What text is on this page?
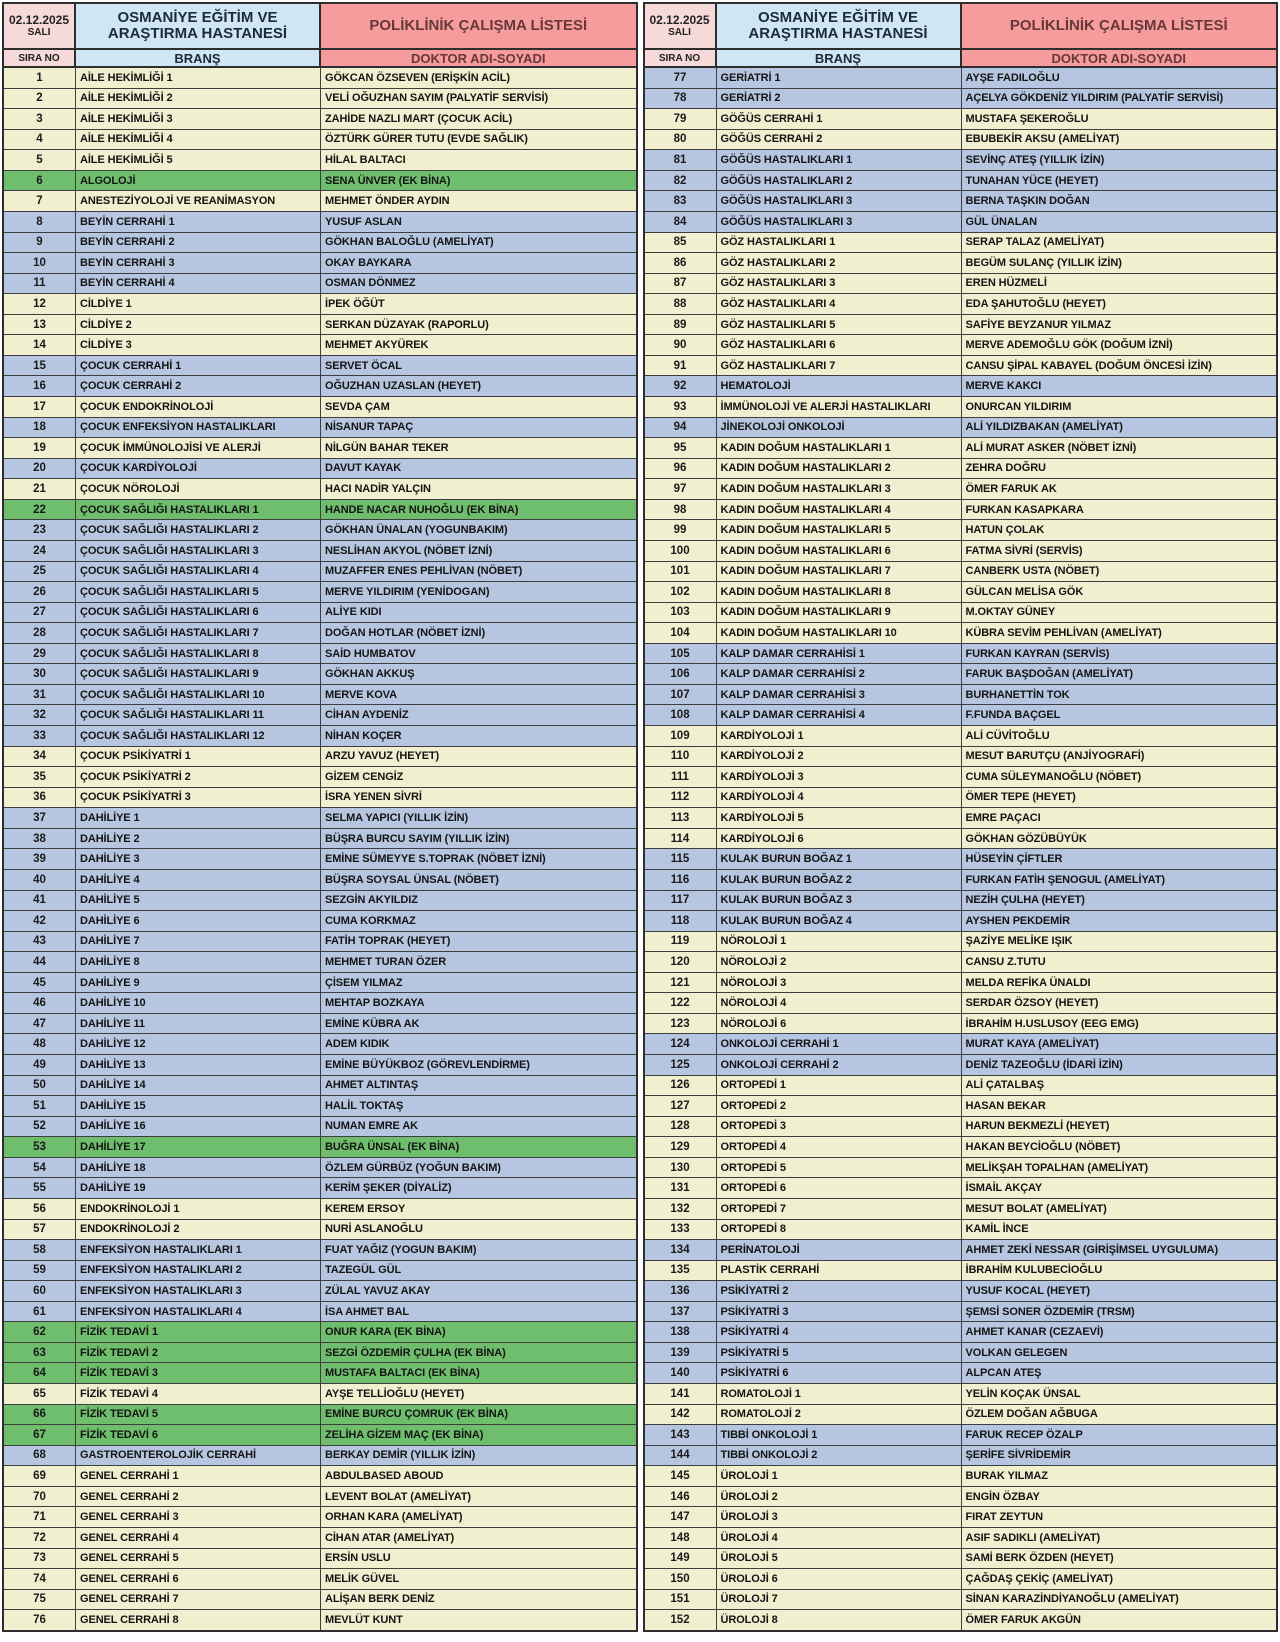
02.12.2025
SALI
OSMANİYE EĞİTİM VE ARAŞTIRMA HASTANESİ	POLİKLİNİK ÇALIŞMA LİSTESİ
SIRA NO	BRANŞ	DOKTOR ADI-SOYADI
1	AİLE HEKİMLİĞİ 1	GÖKCAN ÖZSEVEN (ERİŞKİN ACİL)
2	AİLE HEKİMLİĞİ 2	VELİ OĞUZHAN SAYIM (PALYATİF SERVİSİ)
3	AİLE HEKİMLİĞİ 3	ZAHİDE NAZLI MART (ÇOCUK ACİL)
4	AİLE HEKİMLİĞİ 4	ÖZTÜRK GÜRER TUTU (EVDE SAĞLIK)
5	AİLE HEKİMLİĞİ 5	HİLAL BALTACI
6	ALGOLOJİ	SENA ÜNVER (EK BİNA)
7	ANESTEZİYOLOJİ VE REANİMASYON	MEHMET ÖNDER AYDIN
8	BEYİN CERRAHİ 1	YUSUF ASLAN
9	BEYİN CERRAHİ 2	GÖKHAN BALOĞLU (AMELİYAT)
10	BEYİN CERRAHİ 3	OKAY BAYKARA
11	BEYİN CERRAHİ 4	OSMAN DÖNMEZ
12	CİLDİYE 1	İPEK ÖĞÜT
13	CİLDİYE 2	SERKAN DÜZAYAK (RAPORLU)
14	CİLDİYE 3	MEHMET AKYÜREK
15	ÇOCUK CERRAHİ 1	SERVET ÖCAL
16	ÇOCUK CERRAHİ 2	OĞUZHAN UZASLAN (HEYET)
17	ÇOCUK ENDOKRİNOLOJİ	SEVDA ÇAM
18	ÇOCUK ENFEKSİYON HASTALIKLARI	NİSANUR TAPAÇ
19	ÇOCUK İMMÜNOLOJİSİ VE ALERJİ	NİLGÜN BAHAR TEKER
20	ÇOCUK KARDİYOLOJİ	DAVUT KAYAK
21	ÇOCUK NÖROLOJİ	HACI NADİR YALÇIN
22	ÇOCUK SAĞLIĞI HASTALIKLARI 1	HANDE NACAR NUHOĞLU (EK BİNA)
23	ÇOCUK SAĞLIĞI HASTALIKLARI 2	GÖKHAN ÜNALAN (YOGUNBAKIM)
24	ÇOCUK SAĞLIĞI HASTALIKLARI 3	NESLİHAN AKYOL (NÖBET İZNİ)
25	ÇOCUK SAĞLIĞI HASTALIKLARI 4	MUZAFFER ENES PEHLİVAN (NÖBET)
26	ÇOCUK SAĞLIĞI HASTALIKLARI 5	MERVE YILDIRIM (YENİDOGAN)
27	ÇOCUK SAĞLIĞI HASTALIKLARI 6	ALİYE KIDI
28	ÇOCUK SAĞLIĞI HASTALIKLARI 7	DOĞAN HOTLAR (NÖBET İZNİ)
29	ÇOCUK SAĞLIĞI HASTALIKLARI 8	SAİD HUMBATOV
30	ÇOCUK SAĞLIĞI HASTALIKLARI 9	GÖKHAN AKKUŞ
31	ÇOCUK SAĞLIĞI HASTALIKLARI 10	MERVE KOVA
32	ÇOCUK SAĞLIĞI HASTALIKLARI 11	CİHAN AYDENİZ
33	ÇOCUK SAĞLIĞI HASTALIKLARI 12	NİHAN KOÇER
34	ÇOCUK PSİKİYATRİ 1	ARZU YAVUZ (HEYET)
35	ÇOCUK PSİKİYATRİ 2	GİZEM CENGİZ
36	ÇOCUK PSİKİYATRİ 3	İSRA YENEN SİVRİ
37	DAHİLİYE 1	SELMA YAPICI (YILLIK İZİN)
38	DAHİLİYE 2	BÜŞRA BURCU SAYIM (YILLIK İZİN)
39	DAHİLİYE 3	EMİNE SÜMEYYE S.TOPRAK (NÖBET İZNİ)
40	DAHİLİYE 4	BÜŞRA SOYSAL ÜNSAL (NÖBET)
41	DAHİLİYE 5	SEZGİN AKYILDIZ
42	DAHİLİYE 6	CUMA KORKMAZ
43	DAHİLİYE 7	FATİH TOPRAK (HEYET)
44	DAHİLİYE 8	MEHMET TURAN ÖZER
45	DAHİLİYE 9	ÇİSEM YILMAZ
46	DAHİLİYE 10	MEHTAP BOZKAYA
47	DAHİLİYE 11	EMİNE KÜBRA AK
48	DAHİLİYE 12	ADEM KIDIK
49	DAHİLİYE 13	EMİNE BÜYÜKBOZ (GÖREVLENDİRME)
50	DAHİLİYE 14	AHMET ALTINTAŞ
51	DAHİLİYE 15	HALİL TOKTAŞ
52	DAHİLİYE 16	NUMAN EMRE AK
53	DAHİLİYE 17	BUĞRA ÜNSAL (EK BİNA)
54	DAHİLİYE 18	ÖZLEM GÜRBÜZ (YOĞUN BAKIM)
55	DAHİLİYE 19	KERİM ŞEKER (DİYALİZ)
56	ENDOKRİNOLOJİ 1	KEREM ERSOY
57	ENDOKRİNOLOJİ 2	NURİ ASLANOĞLU
58	ENFEKSİYON HASTALIKLARI 1	FUAT YAĞIZ (YOGUN BAKIM)
59	ENFEKSİYON HASTALIKLARI 2	TAZEGÜL GÜL
60	ENFEKSİYON HASTALIKLARI 3	ZÜLAL YAVUZ AKAY
61	ENFEKSİYON HASTALIKLARI 4	İSA AHMET BAL
62	FİZİK TEDAVİ 1	ONUR KARA (EK BİNA)
63	FİZİK TEDAVİ 2	SEZGİ ÖZDEMİR ÇULHA (EK BİNA)
64	FİZİK TEDAVİ 3	MUSTAFA BALTACI (EK BİNA)
65	FİZİK TEDAVİ 4	AYŞE TELLİOĞLU (HEYET)
66	FİZİK TEDAVİ 5	EMİNE BURCU ÇOMRUK (EK BİNA)
67	FİZİK TEDAVİ 6	ZELİHA GİZEM MAÇ (EK BİNA)
68	GASTROENTEROLOJİK CERRAHİ	BERKAY DEMİR (YILLIK İZİN)
69	GENEL CERRAHİ 1	ABDULBASED ABOUD
70	GENEL CERRAHİ 2	LEVENT BOLAT (AMELİYAT)
71	GENEL CERRAHİ 3	ORHAN KARA (AMELİYAT)
72	GENEL CERRAHİ 4	CİHAN ATAR (AMELİYAT)
73	GENEL CERRAHİ 5	ERSİN USLU
74	GENEL CERRAHİ 6	MELİK GÜVEL
75	GENEL CERRAHİ 7	ALİŞAN BERK DENİZ
76	GENEL CERRAHİ 8	MEVLÜT KUNT
02.12.2025
SALI
OSMANİYE EĞİTİM VE ARAŞTIRMA HASTANESİ	POLİKLİNİK ÇALIŞMA LİSTESİ
SIRA NO	BRANŞ	DOKTOR ADI-SOYADI
77	GERİATRİ 1	AYŞE FADILOĞLU
78	GERİATRİ 2	AÇELYA GÖKDENİZ YILDIRIM (PALYATİF SERVİSİ)
79	GÖĞÜS CERRAHİ 1	MUSTAFA ŞEKEROĞLU
80	GÖĞÜS CERRAHİ 2	EBUBEKİR AKSU (AMELİYAT)
81	GÖĞÜS HASTALIKLARI 1	SEVİNÇ ATEŞ (YILLIK İZİN)
82	GÖĞÜS HASTALIKLARI 2	TUNAHAN YÜCE (HEYET)
83	GÖĞÜS HASTALIKLARI 3	BERNA TAŞKIN DOĞAN
84	GÖĞÜS HASTALIKLARI 3	GÜL ÜNALAN
85	GÖZ HASTALIKLARI 1	SERAP TALAZ (AMELİYAT)
86	GÖZ HASTALIKLARI 2	BEGÜM SULANÇ (YILLIK İZİN)
87	GÖZ HASTALIKLARI 3	EREN HÜZMELİ
88	GÖZ HASTALIKLARI 4	EDA ŞAHUTOĞLU (HEYET)
89	GÖZ HASTALIKLARI 5	SAFİYE BEYZANUR YILMAZ
90	GÖZ HASTALIKLARI 6	MERVE ADEMOĞLU GÖK (DOĞUM İZNİ)
91	GÖZ HASTALIKLARI 7	CANSU ŞİPAL KABAYEL (DOĞUM ÖNCESİ İZİN)
92	HEMATOLOJİ	MERVE KAKCI
93	İMMÜNOLOJİ VE ALERJİ HASTALIKLARI	ONURCAN YILDIRIM
94	JİNEKOLOJİ ONKOLOJİ	ALİ YILDIZBAKAN (AMELİYAT)
95	KADIN DOĞUM HASTALIKLARI 1	ALİ MURAT ASKER (NÖBET İZNİ)
96	KADIN DOĞUM HASTALIKLARI 2	ZEHRA DOĞRU
97	KADIN DOĞUM HASTALIKLARI 3	ÖMER FARUK AK
98	KADIN DOĞUM HASTALIKLARI 4	FURKAN KASAPKARA
99	KADIN DOĞUM HASTALIKLARI 5	HATUN ÇOLAK
100	KADIN DOĞUM HASTALIKLARI 6	FATMA SİVRİ (SERVİS)
101	KADIN DOĞUM HASTALIKLARI 7	CANBERK USTA (NÖBET)
102	KADIN DOĞUM HASTALIKLARI 8	GÜLCAN MELİSA GÖK
103	KADIN DOĞUM HASTALIKLARI 9	M.OKTAY GÜNEY
104	KADIN DOĞUM HASTALIKLARI 10	KÜBRA SEVİM PEHLİVAN (AMELİYAT)
105	KALP DAMAR CERRAHİSİ 1	FURKAN KAYRAN (SERVİS)
106	KALP DAMAR CERRAHİSİ 2	FARUK BAŞDOĞAN (AMELİYAT)
107	KALP DAMAR CERRAHİSİ 3	BURHANETTİN TOK
108	KALP DAMAR CERRAHİSİ 4	F.FUNDA BAÇGEL
109	KARDİYOLOJİ 1	ALİ CÜVİTOĞLU
110	KARDİYOLOJİ 2	MESUT BARUTÇU (ANJİYOGRAFİ)
111	KARDİYOLOJİ 3	CUMA SÜLEYMANOĞLU (NÖBET)
112	KARDİYOLOJİ 4	ÖMER TEPE (HEYET)
113	KARDİYOLOJİ 5	EMRE PAÇACI
114	KARDİYOLOJİ 6	GÖKHAN GÖZÜBÜYÜK
115	KULAK BURUN BOĞAZ 1	HÜSEYİN ÇİFTLER
116	KULAK BURUN BOĞAZ 2	FURKAN FATİH ŞENOGUL (AMELİYAT)
117	KULAK BURUN BOĞAZ 3	NEZİH ÇULHA (HEYET)
118	KULAK BURUN BOĞAZ 4	AYSHEN PEKDEMİR
119	NÖROLOJİ 1	ŞAZİYE MELİKE IŞIK
120	NÖROLOJİ 2	CANSU Z.TUTU
121	NÖROLOJİ 3	MELDA REFİKA ÜNALDI
122	NÖROLOJİ 4	SERDAR ÖZSOY (HEYET)
123	NÖROLOJİ 6	İBRAHİM H.USLUSOY (EEG EMG)
124	ONKOLOJİ CERRAHİ 1	MURAT KAYA (AMELİYAT)
125	ONKOLOJİ CERRAHİ 2	DENİZ TAZEOĞLU (İDARİ İZİN)
126	ORTOPEDİ 1	ALİ ÇATALBAŞ
127	ORTOPEDİ 2	HASAN BEKAR
128	ORTOPEDİ 3	HARUN BEKMEZLİ (HEYET)
129	ORTOPEDİ 4	HAKAN BEYCİOĞLU (NÖBET)
130	ORTOPEDİ 5	MELİKŞAH TOPALHAN (AMELİYAT)
131	ORTOPEDİ 6	İSMAİL AKÇAY
132	ORTOPEDİ 7	MESUT BOLAT (AMELİYAT)
133	ORTOPEDİ 8	KAMİL İNCE
134	PERİNATOLOJİ	AHMET ZEKİ NESSAR (GİRİŞİMSEL UYGULUMA)
135	PLASTİK CERRAHİ	İBRAHİM KULUBECİOĞLU
136	PSİKİYATRİ 2	YUSUF KOCAL (HEYET)
137	PSİKİYATRİ 3	ŞEMSİ SONER ÖZDEMİR (TRSM)
138	PSİKİYATRİ 4	AHMET KANAR (CEZAEVİ)
139	PSİKİYATRİ 5	VOLKAN GELEGEN
140	PSİKİYATRİ 6	ALPCAN ATEŞ
141	ROMATOLOJİ 1	YELİN KOÇAK ÜNSAL
142	ROMATOLOJİ 2	ÖZLEM DOĞAN AĞBUGA
143	TIBBİ ONKOLOJİ 1	FARUK RECEP ÖZALP
144	TIBBİ ONKOLOJİ 2	ŞERİFE SİVRİDEMİR
145	ÜROLOJİ 1	BURAK YILMAZ
146	ÜROLOJİ 2	ENGİN ÖZBAY
147	ÜROLOJİ 3	FIRAT ZEYTUN
148	ÜROLOJİ 4	ASIF SADIKLI (AMELİYAT)
149	ÜROLOJİ 5	SAMİ BERK ÖZDEN (HEYET)
150	ÜROLOJİ 6	ÇAĞDAŞ ÇEKİÇ (AMELİYAT)
151	ÜROLOJİ 7	SİNAN KARAZİNDİYANOĞLU (AMELİYAT)
152	ÜROLOJİ 8	ÖMER FARUK AKGÜN
